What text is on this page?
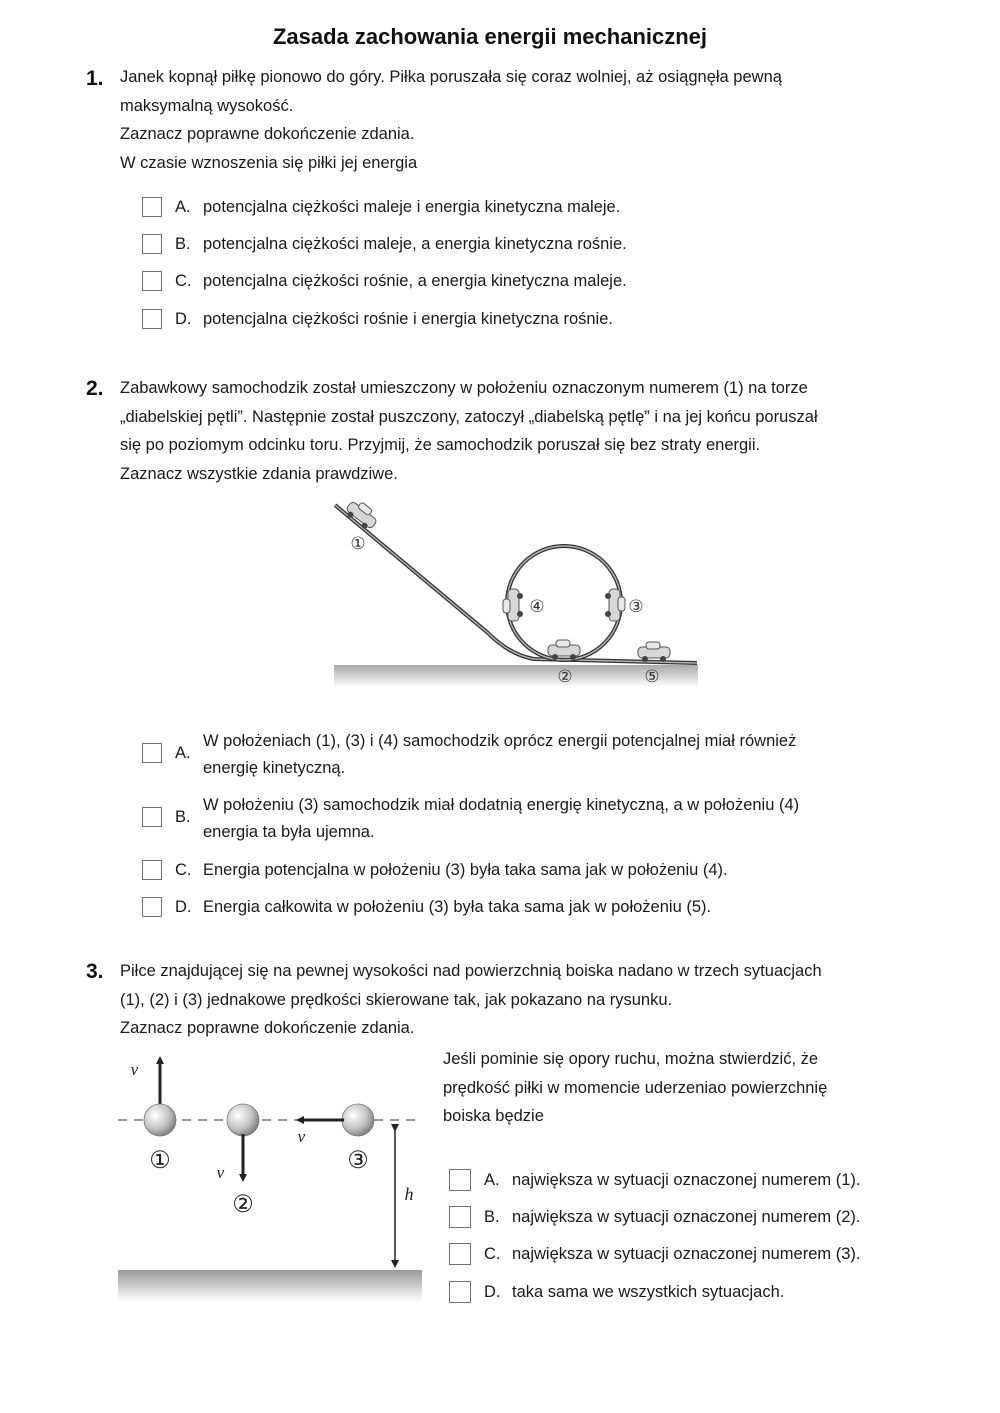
Zasada zachowania energii mechanicznej
1. Janek kopnął piłkę pionowo do góry. Piłka poruszała się coraz wolniej, aż osiągnęła pewną
maksymalną wysokość.
Zaznacz poprawne dokończenie zdania.
W czasie wznoszenia się piłki jej energia
A. potencjalna ciężkości maleje i energia kinetyczna maleje.
B. potencjalna ciężkości maleje, a energia kinetyczna rośnie.
C. potencjalna ciężkości rośnie, a energia kinetyczna maleje.
D. potencjalna ciężkości rośnie i energia kinetyczna rośnie.
2. Zabawkowy samochodzik został umieszczony w położeniu oznaczonym numerem (1) na torze
„diabelskiej pętli”. Następnie został puszczony, zatoczył „diabelską pętlę” i na jej końcu poruszał
się po poziomym odcinku toru. Przyjmij, że samochodzik poruszał się bez straty energii.
Zaznacz wszystkie zdania prawdziwe.
①
②
③
④
⑤
A.
W położeniach (1), (3) i (4) samochodzik oprócz energii potencjalnej miał również
energię kinetyczną.
B.
W położeniu (3) samochodzik miał dodatnią energię kinetyczną, a w położeniu (4)
energia ta była ujemna.
C. Energia potencjalna w położeniu (3) była taka sama jak w położeniu (4).
D. Energia całkowita w położeniu (3) była taka sama jak w położeniu (5).
3. Piłce znajdującej się na pewnej wysokości nad powierzchnią boiska nadano w trzech sytuacjach
(1), (2) i (3) jednakowe prędkości skierowane tak, jak pokazano na rysunku.
Zaznacz poprawne dokończenie zdania.
v⃗
v⃗
v⃗
h
①
②
③
Jeśli pominie się opory ruchu, można stwierdzić, że
prędkość piłki w momencie uderzeniao powierzchnię
boiska będzie
A. największa w sytuacji oznaczonej numerem (1).
B. największa w sytuacji oznaczonej numerem (2).
C. największa w sytuacji oznaczonej numerem (3).
D. taka sama we wszystkich sytuacjach.
